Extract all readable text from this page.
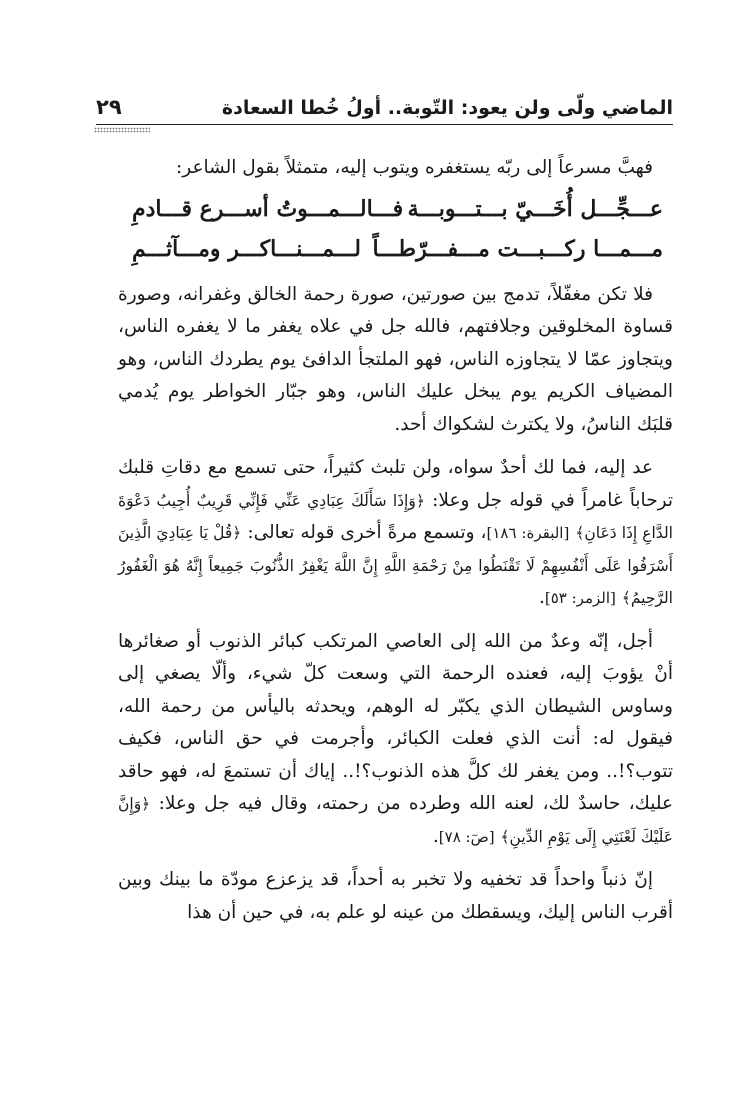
الماضي ولّى ولن يعود: التّوبة.. أولُ خُطا السعادة
٢٩

فهبَّ مسرعاً إلى ربّه يستغفره ويتوب إليه، متمثلاً بقول الشاعر:

عـــجِّـــل أُخَـــيّ بـــتـــوبـــة
فـــالـــمـــوتُ أســـرع قـــادمِ
مـــمـــا ركـــبـــت مـــفـــرّطـــاً
لـــمـــنـــاكـــر ومـــآثـــمِ

فلا تكن مغفّلاً، تدمج بين صورتين، صورة رحمة الخالق وغفرانه، وصورة قساوة المخلوقين وجلافتهم، فالله جل في علاه يغفر ما لا يغفره الناس، ويتجاوز عمّا لا يتجاوزه الناس، فهو الملتجأ الدافئ يوم يطردك الناس، وهو المضياف الكريم يوم يبخل عليك الناس، وهو جبّار الخواطر يوم يُدمي قلبَك الناسُ، ولا يكترث لشكواك أحد.

عد إليه، فما لك أحدٌ سواه، ولن تلبث كثيراً، حتى تسمع مع دقاتِ قلبك ترحاباً غامراً في قوله جل وعلا: ﴿وَإِذَا سَأَلَكَ عِبَادِي عَنِّي فَإِنِّي قَرِيبٌ أُجِيبُ دَعْوَةَ الدَّاعِ إِذَا دَعَانِ﴾ [البقرة: ١٨٦]، وتسمع مرةً أخرى قوله تعالى: ﴿قُلْ يَا عِبَادِيَ الَّذِينَ أَسْرَفُوا عَلَى أَنْفُسِهِمْ لَا تَقْنَطُوا مِنْ رَحْمَةِ اللَّهِ إِنَّ اللَّهَ يَغْفِرُ الذُّنُوبَ جَمِيعاً إِنَّهُ هُوَ الْغَفُورُ الرَّحِيمُ﴾ [الزمر: ٥٣].

أجل، إنّه وعدٌ من الله إلى العاصي المرتكب كبائر الذنوب أو صغائرها أنْ يؤوبَ إليه، فعنده الرحمة التي وسعت كلّ شيء، وألّا يصغي إلى وساوس الشيطان الذي يكبّر له الوهم، ويحدثه باليأس من رحمة الله، فيقول له: أنت الذي فعلت الكبائر، وأجرمت في حق الناس، فكيف تتوب؟!.. ومن يغفر لك كلَّ هذه الذنوب؟!.. إياك أن تستمعَ له، فهو حاقد عليك، حاسدٌ لك، لعنه الله وطرده من رحمته، وقال فيه جل وعلا: ﴿وَإِنَّ عَلَيْكَ لَعْنَتِي إِلَى يَوْمِ الدِّينِ﴾ [صٓ: ٧٨].

إنّ ذنباً واحداً قد تخفيه ولا تخبر به أحداً، قد يزعزع مودّة ما بينك وبين أقرب الناس إليك، ويسقطك من عينه لو علم به، في حين أن هذا
